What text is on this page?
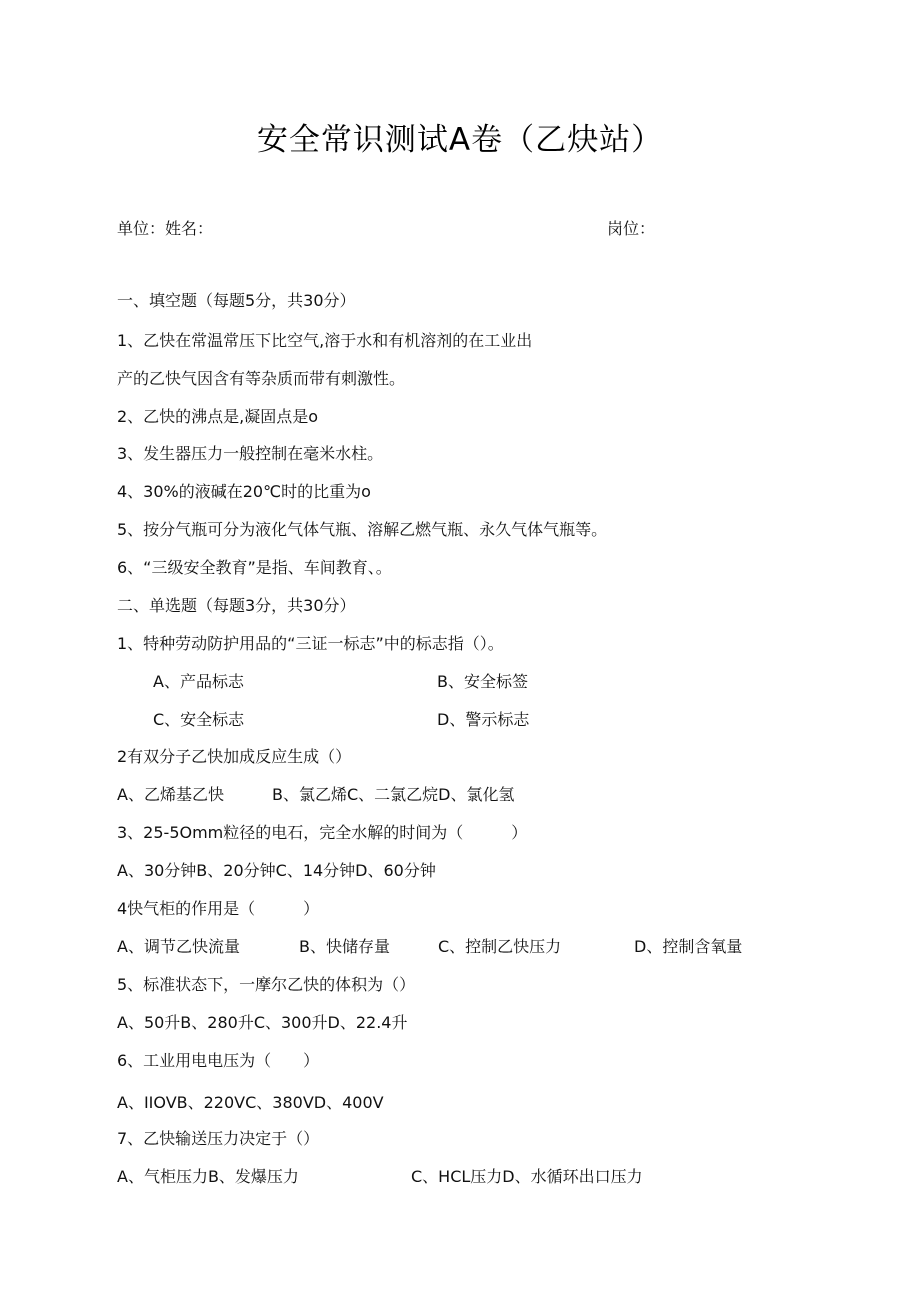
安全常识测试A卷（乙炔站）
单位：姓名：	岗位：
一、填空题（每题5分，共30分）
1、乙快在常温常压下比空气,溶于水和有机溶剂的在工业出
产的乙快气因含有等杂质而带有刺激性。
2、乙快的沸点是,凝固点是o
3、发生器压力一般控制在毫米水柱。
4、30%的液碱在20℃时的比重为o
5、按分气瓶可分为液化气体气瓶、溶解乙燃气瓶、永久气体气瓶等。
6、“三级安全教育”是指、车间教育、。
二、单选题（每题3分，共30分）
1、特种劳动防护用品的“三证一标志”中的标志指（）。
A、产品标志	B、安全标签
C、安全标志	D、警示标志
2有双分子乙快加成反应生成（）
A、乙烯基乙快	B、氯乙烯C、二氯乙烷D、氯化氢
3、25-5Omm粒径的电石，完全水解的时间为（　　　）
A、30分钟B、20分钟C、14分钟D、60分钟
4快气柜的作用是（　　　）
A、调节乙快流量	B、快储存量	C、控制乙快压力	D、控制含氧量
5、标准状态下，一摩尔乙快的体积为（）
A、50升B、280升C、300升D、22.4升
6、工业用电电压为（　　）
A、IIOVB、220VC、380VD、400V
7、乙快输送压力决定于（）
A、气柜压力B、发爆压力	C、HCL压力D、水循环出口压力
